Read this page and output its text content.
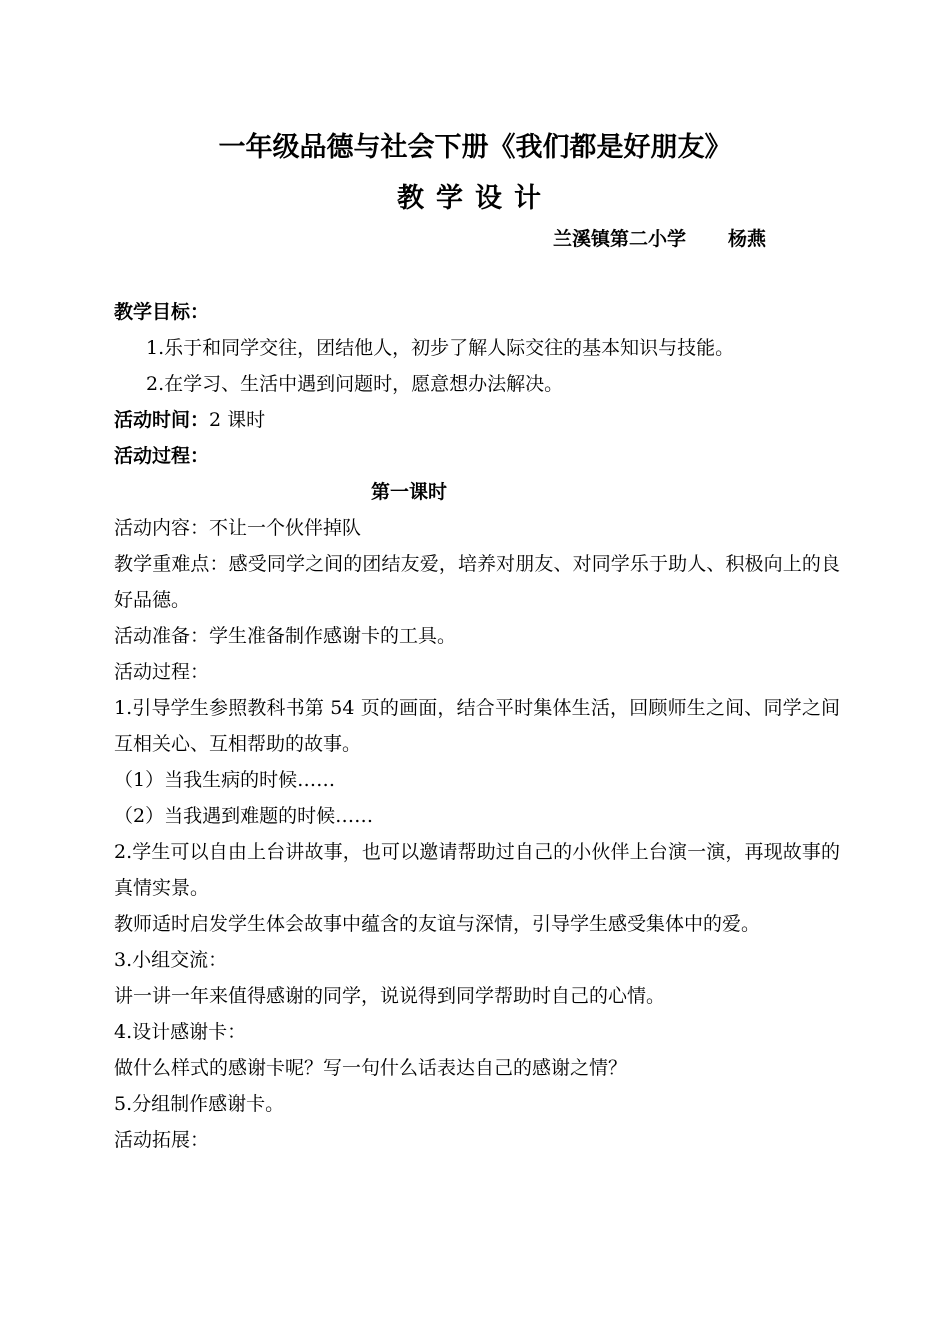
一年级品德与社会下册《我们都是好朋友》
教学设计
兰溪镇第二小学 杨燕
教学目标：
1.乐于和同学交往，团结他人，初步了解人际交往的基本知识与技能。
2.在学习、生活中遇到问题时，愿意想办法解决。
活动时间：2 课时
活动过程：
第一课时
活动内容：不让一个伙伴掉队
教学重难点：感受同学之间的团结友爱，培养对朋友、对同学乐于助人、积极向上的良好品德。
活动准备：学生准备制作感谢卡的工具。
活动过程：
1.引导学生参照教科书第 54 页的画面，结合平时集体生活，回顾师生之间、同学之间互相关心、互相帮助的故事。
（1）当我生病的时候……
（2）当我遇到难题的时候……
2.学生可以自由上台讲故事，也可以邀请帮助过自己的小伙伴上台演一演，再现故事的真情实景。
教师适时启发学生体会故事中蕴含的友谊与深情，引导学生感受集体中的爱。
3.小组交流：
讲一讲一年来值得感谢的同学，说说得到同学帮助时自己的心情。
4.设计感谢卡：
做什么样式的感谢卡呢？写一句什么话表达自己的感谢之情？
5.分组制作感谢卡。
活动拓展：
